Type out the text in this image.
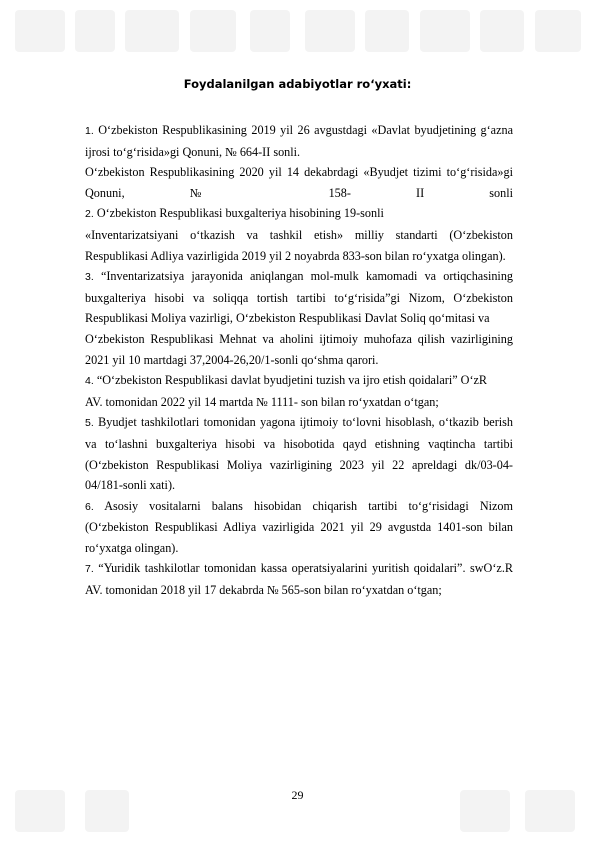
Foydalanilgan adabiyotlar ro‘yxati:

1. O‘zbekiston Respublikasining 2019 yil 26 avgustdagi «Davlat byudjetining g‘azna ijrosi to‘g‘risida»gi Qonuni, № 664-II sonli.

O‘zbekiston Respublikasining 2020 yil 14 dekabrdagi «Byudjet tizimi to‘g‘risida»gi Qonuni, № 158- II sonli

2. O‘zbekiston Respublikasi buxgalteriya hisobining 19-sonli

«Inventarizatsiyani o‘tkazish va tashkil etish» milliy standarti (O‘zbekiston Respublikasi Adliya vazirligida 2019 yil 2 noyabrda 833-son bilan ro‘yxatga olingan).

3. “Inventarizatsiya jarayonida aniqlangan mol-mulk kamomadi va ortiqchasining buxgalteriya hisobi va soliqqa tortish tartibi to‘g‘risida”gi Nizom, O‘zbekiston Respublikasi Moliya vazirligi, O‘zbekiston Respublikasi Davlat Soliq qo‘mitasi va

O‘zbekiston Respublikasi Mehnat va aholini ijtimoiy muhofaza qilish vazirligining 2021 yil 10 martdagi 37,2004-26,20/1-sonli qo‘shma qarori.

4. “O‘zbekiston Respublikasi davlat byudjetini tuzish va ijro etish qoidalari” O‘zR

AV. tomonidan 2022 yil 14 martda № 1111- son bilan ro‘yxatdan o‘tgan;

5. Byudjet tashkilotlari tomonidan yagona ijtimoiy to‘lovni hisoblash, o‘tkazib berish va to‘lashni buxgalteriya hisobi va hisobotida qayd etishning vaqtincha tartibi (O‘zbekiston Respublikasi Moliya vazirligining 2023 yil 22 apreldagi dk/03-04-04/181-sonli xati).

6. Asosiy vositalarni balans hisobidan chiqarish tartibi to‘g‘risidagi Nizom (O‘zbekiston Respublikasi Adliya vazirligida 2021 yil 29 avgustda 1401-son bilan ro‘yxatga olingan).

7. “Yuridik tashkilotlar tomonidan kassa operatsiyalarini yuritish qoidalari”. swO‘z.R AV. tomonidan 2018 yil 17 dekabrda № 565-son bilan ro‘yxatdan o‘tgan;

29
